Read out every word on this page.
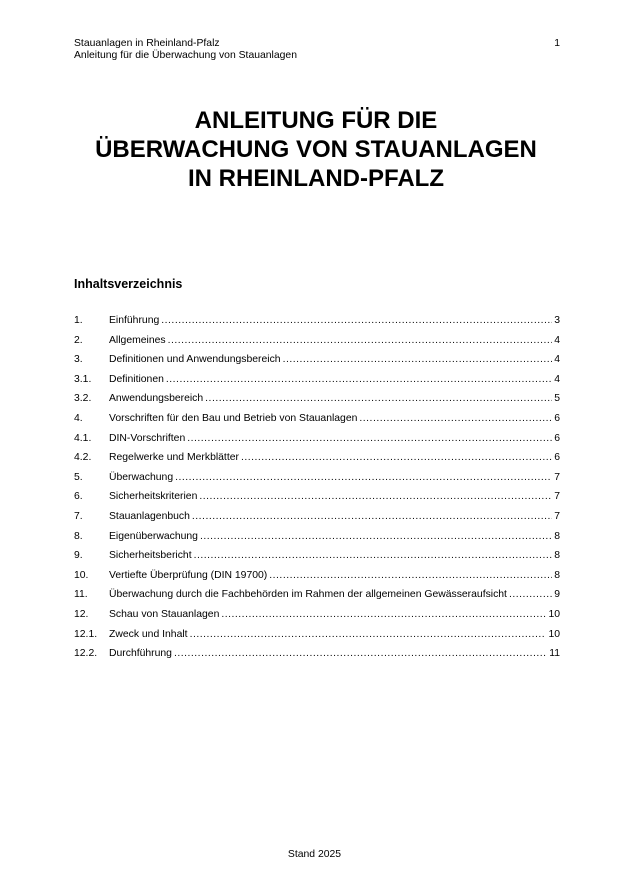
Stauanlagen in Rheinland-Pfalz
Anleitung für die Überwachung von Stauanlagen
1
ANLEITUNG FÜR DIE
ÜBERWACHUNG VON STAUANLAGEN
IN RHEINLAND-PFALZ
Inhaltsverzeichnis
1.	Einführung .....	3
2.	Allgemeines .....	4
3.	Definitionen und Anwendungsbereich .....	4
3.1.	Definitionen .....	4
3.2.	Anwendungsbereich .....	5
4.	Vorschriften für den Bau und Betrieb von Stauanlagen .....	6
4.1.	DIN-Vorschriften .....	6
4.2.	Regelwerke und Merkblätter .....	6
5.	Überwachung .....	7
6.	Sicherheitskriterien .....	7
7.	Stauanlagenbuch .....	7
8.	Eigenüberwachung .....	8
9.	Sicherheitsbericht .....	8
10.	Vertiefte Überprüfung (DIN 19700) .....	8
11.	Überwachung durch die Fachbehörden im Rahmen der allgemeinen Gewässeraufsicht .....	9
12.	Schau von Stauanlagen .....	10
12.1.	Zweck und Inhalt .....	10
12.2.	Durchführung .....	11
Stand 2025
